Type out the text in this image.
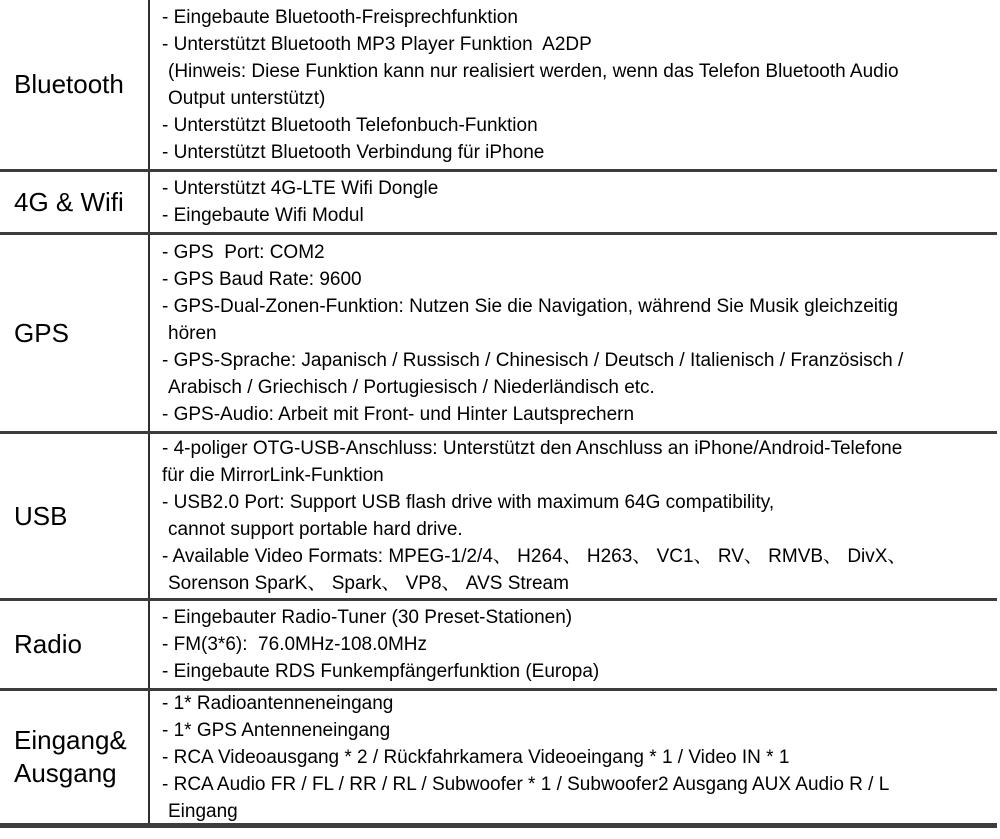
Bluetooth
- Eingebaute Bluetooth-Freisprechfunktion
- Unterstützt Bluetooth MP3 Player Funktion  A2DP
(Hinweis: Diese Funktion kann nur realisiert werden, wenn das Telefon Bluetooth Audio
Output unterstützt)
- Unterstützt Bluetooth Telefonbuch-Funktion
- Unterstützt Bluetooth Verbindung für iPhone
4G & Wifi	- Unterstützt 4G-LTE Wifi Dongle
- Eingebaute Wifi Modul
GPS
- GPS  Port: COM2
- GPS Baud Rate: 9600
- GPS-Dual-Zonen-Funktion: Nutzen Sie die Navigation, während Sie Musik gleichzeitig
hören
- GPS-Sprache: Japanisch / Russisch / Chinesisch / Deutsch / Italienisch / Französisch /
Arabisch / Griechisch / Portugiesisch / Niederländisch etc.
- GPS-Audio: Arbeit mit Front- und Hinter Lautsprechern
USB
- 4-poliger OTG-USB-Anschluss: Unterstützt den Anschluss an iPhone/Android-Telefone
für die MirrorLink-Funktion
- USB2.0 Port: Support USB flash drive with maximum 64G compatibility,
cannot support portable hard drive.
- Available Video Formats: MPEG-1/2/4、 H264、 H263、 VC1、 RV、 RMVB、 DivX、
Sorenson SparK、 Spark、 VP8、 AVS Stream
Radio
- Eingebauter Radio-Tuner (30 Preset-Stationen)
- FM(3*6):  76.0MHz-108.0MHz
- Eingebaute RDS Funkempfängerfunktion (Europa)
Eingang&
Ausgang
- 1* Radioantenneneingang
- 1* GPS Antenneneingang
- RCA Videoausgang * 2 / Rückfahrkamera Videoeingang * 1 / Video IN * 1
- RCA Audio FR / FL / RR / RL / Subwoofer * 1 / Subwoofer2 Ausgang AUX Audio R / L
Eingang
